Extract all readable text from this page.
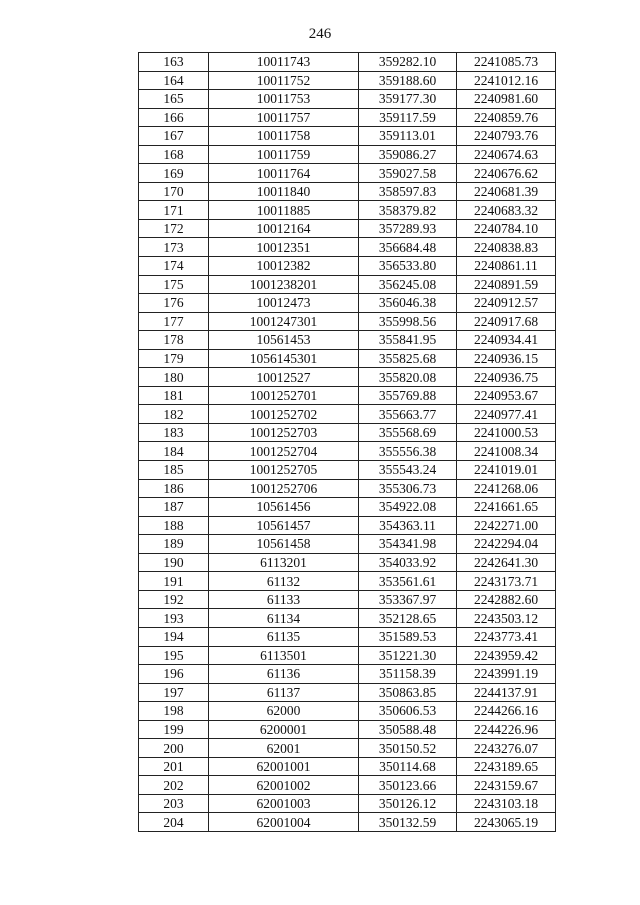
246
163	10011743	359282.10	2241085.73
164	10011752	359188.60	2241012.16
165	10011753	359177.30	2240981.60
166	10011757	359117.59	2240859.76
167	10011758	359113.01	2240793.76
168	10011759	359086.27	2240674.63
169	10011764	359027.58	2240676.62
170	10011840	358597.83	2240681.39
171	10011885	358379.82	2240683.32
172	10012164	357289.93	2240784.10
173	10012351	356684.48	2240838.83
174	10012382	356533.80	2240861.11
175	1001238201	356245.08	2240891.59
176	10012473	356046.38	2240912.57
177	1001247301	355998.56	2240917.68
178	10561453	355841.95	2240934.41
179	1056145301	355825.68	2240936.15
180	10012527	355820.08	2240936.75
181	1001252701	355769.88	2240953.67
182	1001252702	355663.77	2240977.41
183	1001252703	355568.69	2241000.53
184	1001252704	355556.38	2241008.34
185	1001252705	355543.24	2241019.01
186	1001252706	355306.73	2241268.06
187	10561456	354922.08	2241661.65
188	10561457	354363.11	2242271.00
189	10561458	354341.98	2242294.04
190	6113201	354033.92	2242641.30
191	61132	353561.61	2243173.71
192	61133	353367.97	2242882.60
193	61134	352128.65	2243503.12
194	61135	351589.53	2243773.41
195	6113501	351221.30	2243959.42
196	61136	351158.39	2243991.19
197	61137	350863.85	2244137.91
198	62000	350606.53	2244266.16
199	6200001	350588.48	2244226.96
200	62001	350150.52	2243276.07
201	62001001	350114.68	2243189.65
202	62001002	350123.66	2243159.67
203	62001003	350126.12	2243103.18
204	62001004	350132.59	2243065.19
